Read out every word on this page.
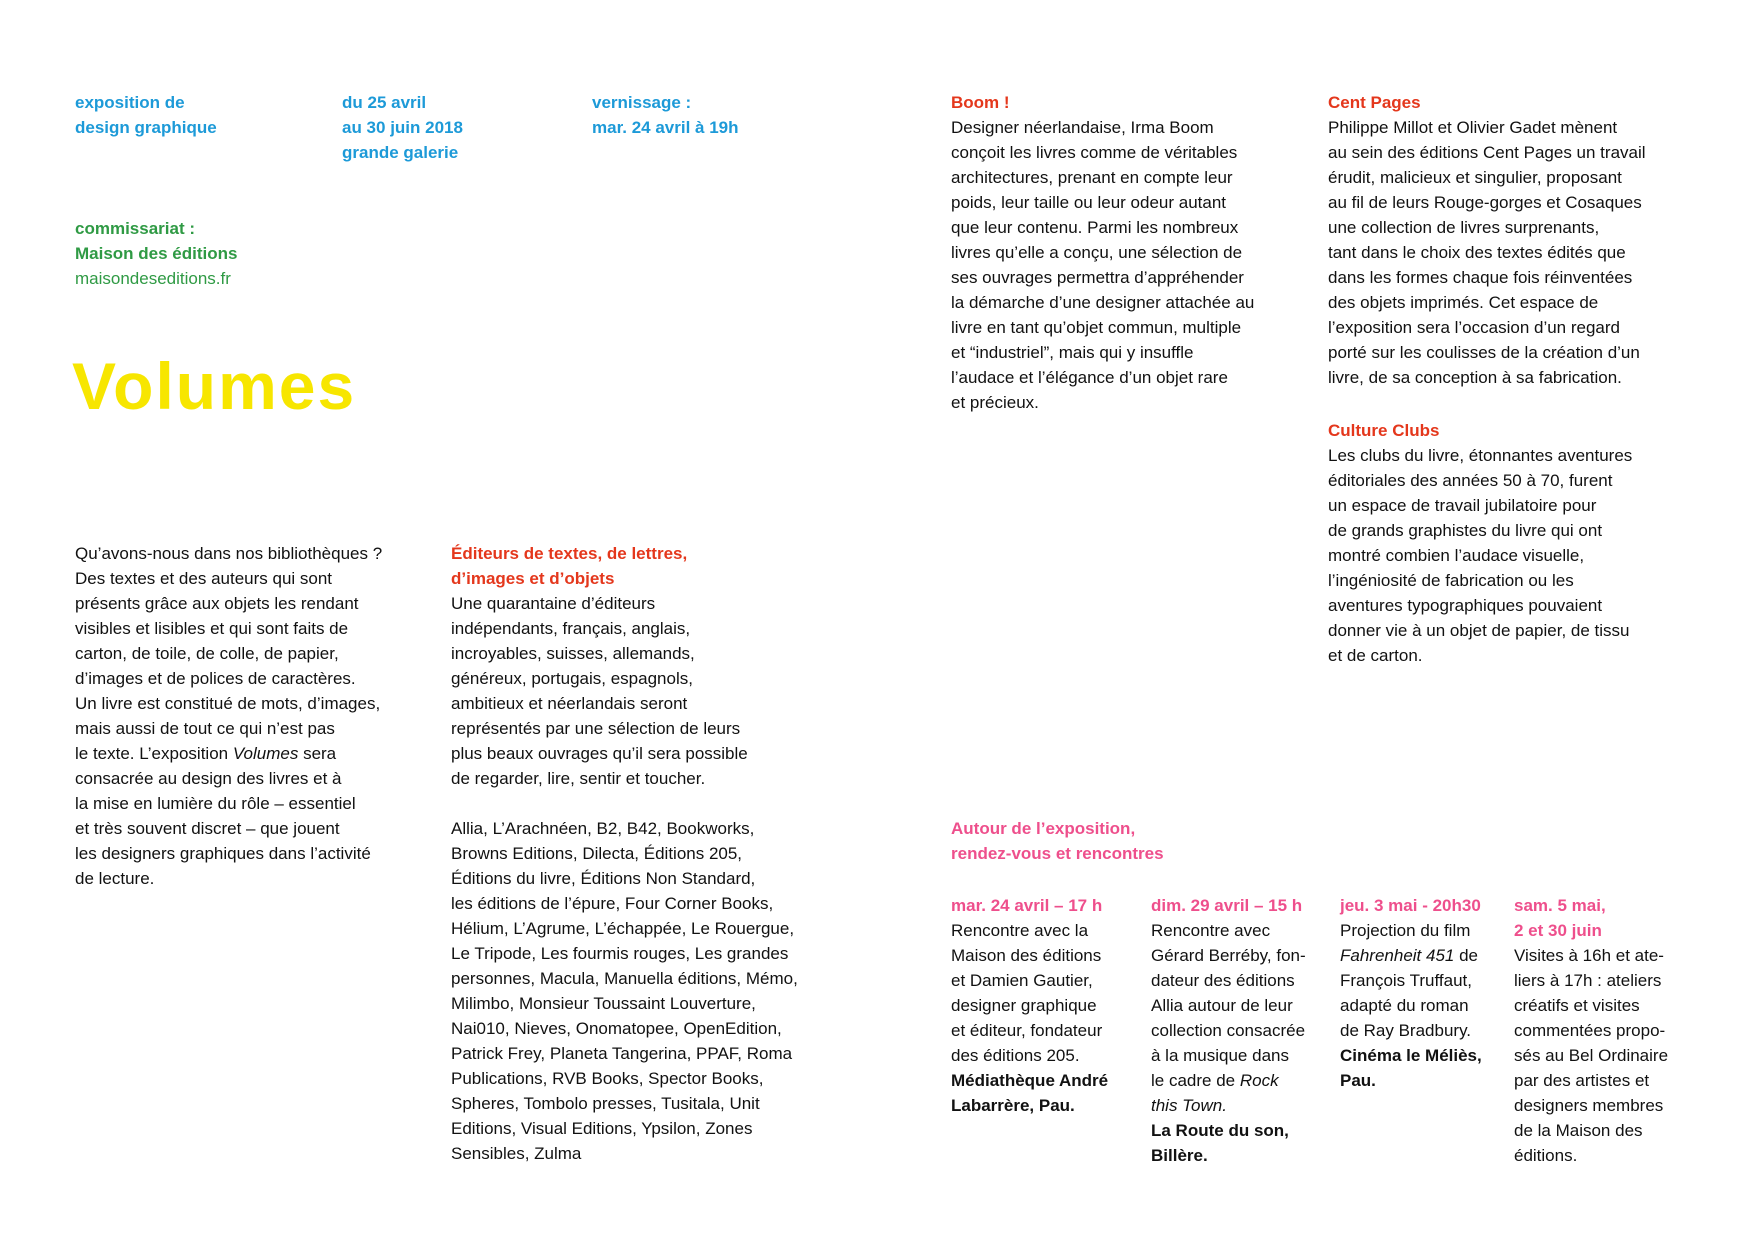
exposition de
design graphique

du 25 avril
au 30 juin 2018
grande galerie

vernissage :
mar. 24 avril à 19h

commissariat :

Maison des éditions

maisondeseditions.fr

Volumes

Qu’avons-nous dans nos bibliothèques ?
Des textes et des auteurs qui sont
présents grâce aux objets les rendant
visibles et lisibles et qui sont faits de
carton, de toile, de colle, de papier,
d’images et de polices de caractères.
Un livre est constitué de mots, d’images,
mais aussi de tout ce qui n’est pas
le texte. L’exposition Volumes sera
consacrée au design des livres et à
la mise en lumière du rôle – essentiel
et très souvent discret – que jouent
les designers graphiques dans l’activité
de lecture.

Éditeurs de textes, de lettres,
d’images et d’objets

Une quarantaine d’éditeurs
indépendants, français, anglais,
incroyables, suisses, allemands,
généreux, portugais, espagnols,
ambitieux et néerlandais seront
représentés par une sélection de leurs
plus beaux ouvrages qu’il sera possible
de regarder, lire, sentir et toucher.

Allia, L’Arachnéen, B2, B42, Bookworks,
Browns Editions, Dilecta, Éditions 205,
Éditions du livre, Éditions Non Standard,
les éditions de l’épure, Four Corner Books,
Hélium, L’Agrume, L’échappée, Le Rouergue,
Le Tripode, Les fourmis rouges, Les grandes
personnes, Macula, Manuella éditions, Mémo,
Milimbo, Monsieur Toussaint Louverture,
Nai010, Nieves, Onomatopee, OpenEdition,
Patrick Frey, Planeta Tangerina, PPAF, Roma
Publications, RVB Books, Spector Books,
Spheres, Tombolo presses, Tusitala, Unit
Editions, Visual Editions, Ypsilon, Zones
Sensibles, Zulma

Boom !

Designer néerlandaise, Irma Boom
conçoit les livres comme de véritables
architectures, prenant en compte leur
poids, leur taille ou leur odeur autant
que leur contenu. Parmi les nombreux
livres qu’elle a conçu, une sélection de
ses ouvrages permettra d’appréhender
la démarche d’une designer attachée au
livre en tant qu’objet commun, multiple
et “industriel”, mais qui y insuffle
l’audace et l’élégance d’un objet rare
et précieux.

Cent Pages

Philippe Millot et Olivier Gadet mènent
au sein des éditions Cent Pages un travail
érudit, malicieux et singulier, proposant
au fil de leurs Rouge-gorges et Cosaques
une collection de livres surprenants,
tant dans le choix des textes édités que
dans les formes chaque fois réinventées
des objets imprimés. Cet espace de
l’exposition sera l’occasion d’un regard
porté sur les coulisses de la création d’un
livre, de sa conception à sa fabrication.

Culture Clubs

Les clubs du livre, étonnantes aventures
éditoriales des années 50 à 70, furent
un espace de travail jubilatoire pour
de grands graphistes du livre qui ont
montré combien l’audace visuelle,
l’ingéniosité de fabrication ou les
aventures typographiques pouvaient
donner vie à un objet de papier, de tissu
et de carton.

Autour de l’exposition,
rendez-vous et rencontres
mar. 24 avril – 17 h
Rencontre avec la
Maison des éditions
et Damien Gautier,
designer graphique
et éditeur, fondateur
des éditions 205.
Médiathèque André
Labarrère, Pau.
dim. 29 avril – 15 h
Rencontre avec
Gérard Berréby, fon-
dateur des éditions
Allia autour de leur
collection consacrée
à la musique dans
le cadre de Rock
this Town.
La Route du son,
Billère.
jeu. 3 mai - 20h30
Projection du film
Fahrenheit 451 de
François Truffaut,
adapté du roman
de Ray Bradbury.
Cinéma le Méliès,
Pau.
sam. 5 mai,
2 et 30 juin
Visites à 16h et ate-
liers à 17h : ateliers
créatifs et visites
commentées propo-
sés au Bel Ordinaire
par des artistes et
designers membres
de la Maison des
éditions.
